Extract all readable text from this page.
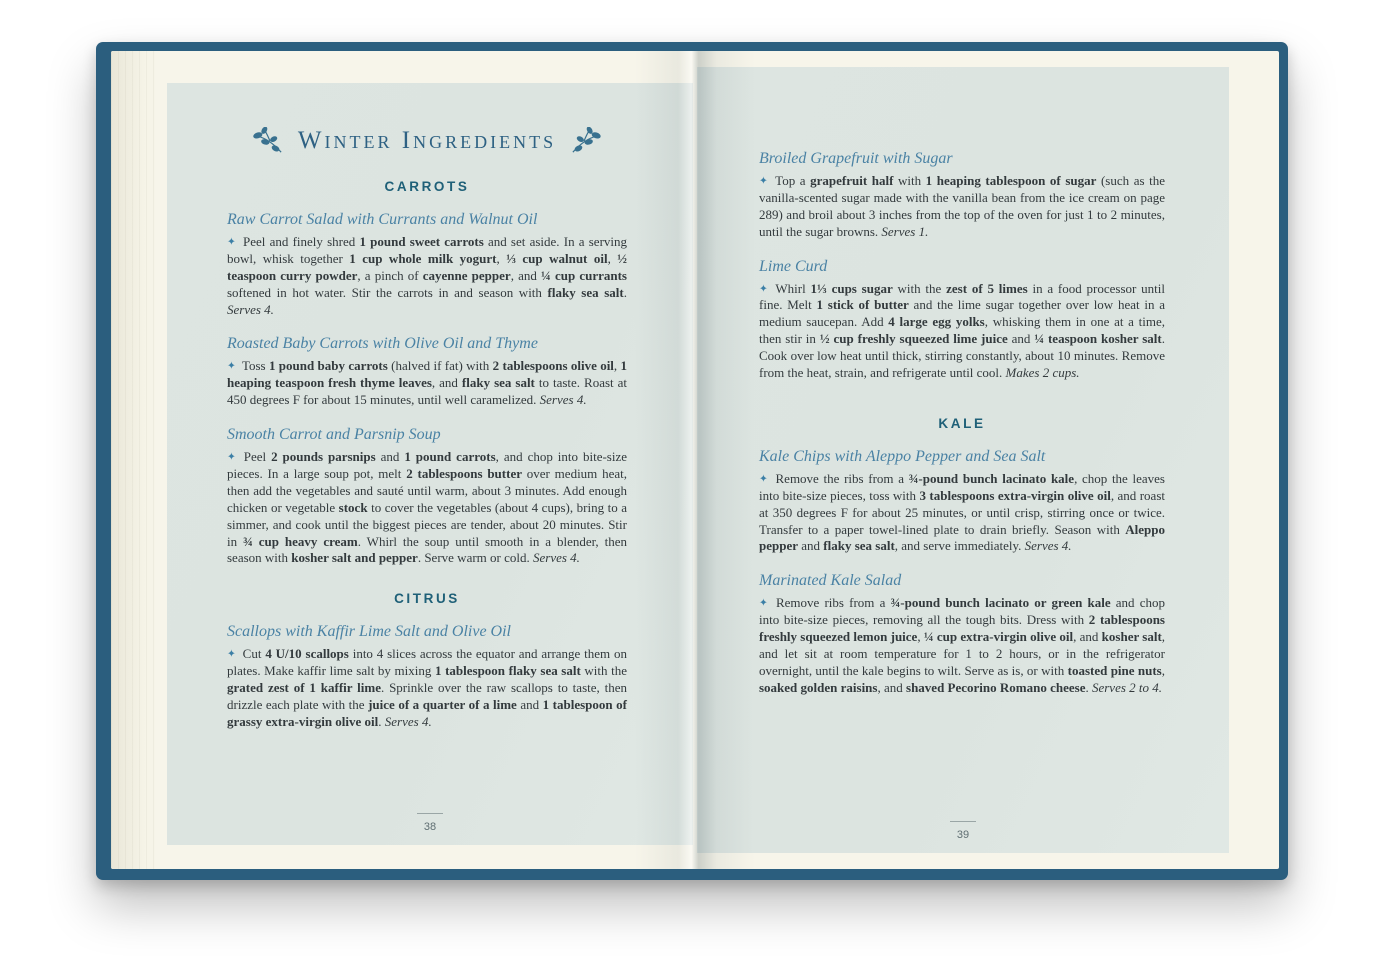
Winter Ingredients
CARROTS
Raw Carrot Salad with Currants and Walnut Oil

✦ Peel and finely shred 1 pound sweet carrots and set aside. In a serving bowl, whisk together 1 cup whole milk yogurt, ⅓ cup walnut oil, ½ teaspoon curry powder, a pinch of cayenne pepper, and ¼ cup currants softened in hot water. Stir the carrots in and season with flaky sea salt. Serves 4.

Roasted Baby Carrots with Olive Oil and Thyme

✦ Toss 1 pound baby carrots (halved if fat) with 2 tablespoons olive oil, 1 heaping teaspoon fresh thyme leaves, and flaky sea salt to taste. Roast at 450 degrees F for about 15 minutes, until well caramelized. Serves 4.

Smooth Carrot and Parsnip Soup

✦ Peel 2 pounds parsnips and 1 pound carrots, and chop into bite-size pieces. In a large soup pot, melt 2 tablespoons butter over medium heat, then add the vegetables and sauté until warm, about 3 minutes. Add enough chicken or vegetable stock to cover the vegetables (about 4 cups), bring to a simmer, and cook until the biggest pieces are tender, about 20 minutes. Stir in ¾ cup heavy cream. Whirl the soup until smooth in a blender, then season with kosher salt and pepper. Serve warm or cold. Serves 4.

CITRUS
Scallops with Kaffir Lime Salt and Olive Oil

✦ Cut 4 U/10 scallops into 4 slices across the equator and arrange them on plates. Make kaffir lime salt by mixing 1 tablespoon flaky sea salt with the grated zest of 1 kaffir lime. Sprinkle over the raw scallops to taste, then drizzle each plate with the juice of a quarter of a lime and 1 tablespoon of grassy extra-virgin olive oil. Serves 4.

38
Broiled Grapefruit with Sugar

✦ Top a grapefruit half with 1 heaping tablespoon of sugar (such as the vanilla-scented sugar made with the vanilla bean from the ice cream on page 289) and broil about 3 inches from the top of the oven for just 1 to 2 minutes, until the sugar browns. Serves 1.

Lime Curd

✦ Whirl 1⅓ cups sugar with the zest of 5 limes in a food processor until fine. Melt 1 stick of butter and the lime sugar together over low heat in a medium saucepan. Add 4 large egg yolks, whisking them in one at a time, then stir in ½ cup freshly squeezed lime juice and ¼ teaspoon kosher salt. Cook over low heat until thick, stirring constantly, about 10 minutes. Remove from the heat, strain, and refrigerate until cool. Makes 2 cups.

KALE
Kale Chips with Aleppo Pepper and Sea Salt

✦ Remove the ribs from a ¾-pound bunch lacinato kale, chop the leaves into bite-size pieces, toss with 3 tablespoons extra-virgin olive oil, and roast at 350 degrees F for about 25 minutes, or until crisp, stirring once or twice. Transfer to a paper towel-lined plate to drain briefly. Season with Aleppo pepper and flaky sea salt, and serve immediately. Serves 4.

Marinated Kale Salad

✦ Remove ribs from a ¾-pound bunch lacinato or green kale and chop into bite-size pieces, removing all the tough bits. Dress with 2 tablespoons freshly squeezed lemon juice, ¼ cup extra-virgin olive oil, and kosher salt, and let sit at room temperature for 1 to 2 hours, or in the refrigerator overnight, until the kale begins to wilt. Serve as is, or with toasted pine nuts, soaked golden raisins, and shaved Pecorino Romano cheese. Serves 2 to 4.

39
